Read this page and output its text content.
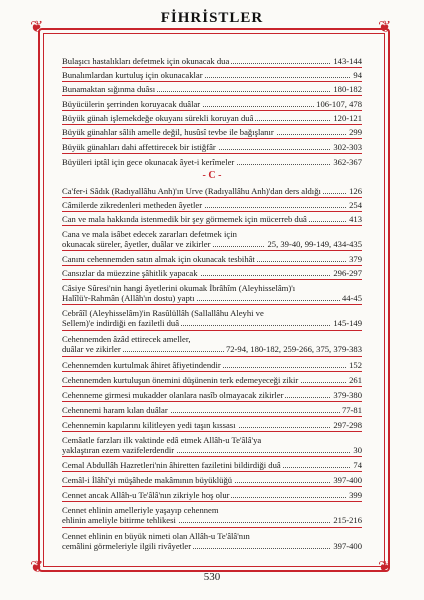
❦	❦
❦	❦
FİHRİSTLER
Bulaşıcı hastalıkları defetmek için okunacak dua	143-144
Bunalımlardan kurtuluş için okunacaklar	94
Bunamaktan sığınma duâsı	180-182
Büyücülerin şerrinden koruyacak duâlar	106-107, 478
Büyük günah işlemekdeğe okuyanı sürekli koruyan duâ	120-121
Büyük günahlar sâlih amelle değil, husûsî tevbe ile bağışlanır	299
Büyük günahları dahi affettirecek bir istiğfâr	302-303
Büyüleri iptâl için gece okunacak âyet-i kerîmeler	362-367
- C -
Ca'fer-i Sâdık (Radıyallâhu Anh)'ın Urve (Radıyallâhu Anh)'dan ders aldığı	126
Câmilerde zikredenleri metheden âyetler	254
Can ve mala hakkında istenmedik bir şey görmemek için mücerreb duâ	413
Cana ve mala isâbet edecek zararları defetmek için
okunacak süreler, âyetler, duâlar ve zikirler	25, 39-40, 99-149, 434-435
Canını cehennemden satın almak için okunacak tesbihât	379
Cansızlar da müezzine şâhitlik yapacak	296-297
Câsiye Sûresi'nin hangi âyetlerini okumak İbrâhîm (Aleyhisselâm)'ı
Halîlü'r-Rahmân (Allâh'ın dostu) yaptı	44-45
Cebrâîl (Aleyhisselâm)'in Rasûlüllâh (Sallallâhu Aleyhi ve
Sellem)'e indirdiği en faziletli duâ	145-149
Cehennemden âzâd ettirecek ameller,
duâlar ve zikirler	72-94, 180-182, 259-266, 375, 379-383
Cehennemden kurtulmak âhiret âfiyetindendir	152
Cehennemden kurtuluşun önemini düşünenin terk edemeyeceği zikir	261
Cehenneme girmesi mukadder olanlara nasîb olmayacak zikirler	379-380
Cehennemi haram kılan duâlar	77-81
Cehennemin kapılarını kilitleyen yedi taşın kıssası	297-298
Cemâatle farzları ilk vaktinde edâ etmek Allâh-u Te'âlâ'ya
yaklaştıran ezem vazifelerdendir	30
Cemal Abdullâh Hazretleri'nin âhiretten faziletini bildirdiği duâ	74
Cemâl-i İlâhî'yi müşâhede makâmının büyüklüğü	397-400
Cennet ancak Allâh-u Te'âlâ'nın zikriyle hoş olur	399
Cennet ehlinin amelleriyle yaşayıp cehennem
ehlinin ameliyle bitirme tehlikesi	215-216
Cennet ehlinin en büyük nimeti olan Allâh-u Te'âlâ'nın
cemâlini görmeleriyle ilgili rivâyetler	397-400
530
